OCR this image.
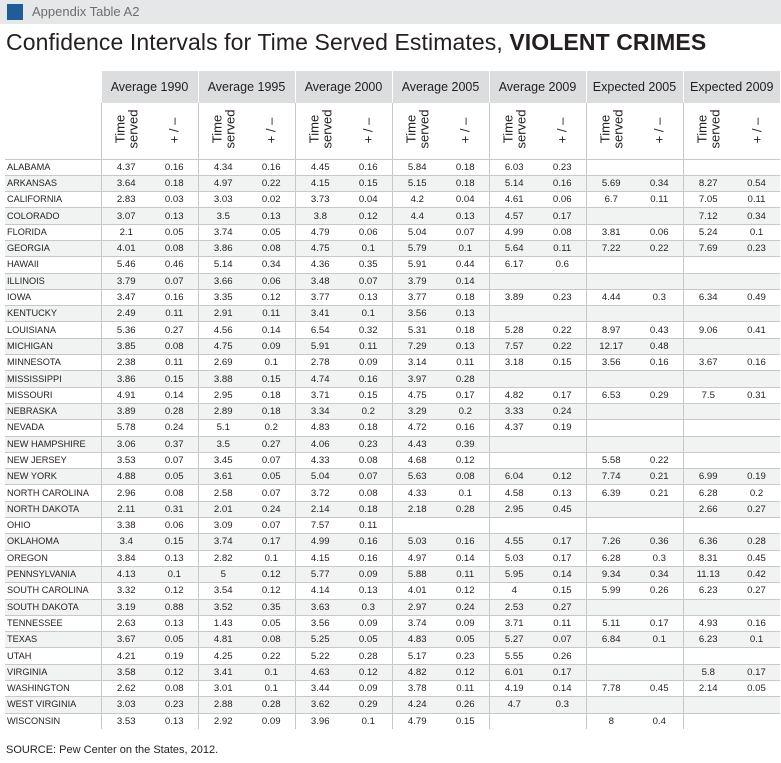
Appendix Table A2
Confidence Intervals for Time Served Estimates, VIOLENT CRIMES
	Average 1990		Average 1995		Average 2000		Average 2005		Average 2009		Expected 2005		Expected 2009	
	Time
served	+ / –	Time
served	+ / –	Time
served	+ / –	Time
served	+ / –	Time
served	+ / –	Time
served	+ / –	Time
served	+ / –
ALABAMA	4.37	0.16	4.34	0.16	4.45	0.16	5.84	0.18	6.03	0.23				
ARKANSAS	3.64	0.18	4.97	0.22	4.15	0.15	5.15	0.18	5.14	0.16	5.69	0.34	8.27	0.54
CALIFORNIA	2.83	0.03	3.03	0.02	3.73	0.04	4.2	0.04	4.61	0.06	6.7	0.11	7.05	0.11
COLORADO	3.07	0.13	3.5	0.13	3.8	0.12	4.4	0.13	4.57	0.17			7.12	0.34
FLORIDA	2.1	0.05	3.74	0.05	4.79	0.06	5.04	0.07	4.99	0.08	3.81	0.06	5.24	0.1
GEORGIA	4.01	0.08	3.86	0.08	4.75	0.1	5.79	0.1	5.64	0.11	7.22	0.22	7.69	0.23
HAWAII	5.46	0.46	5.14	0.34	4.36	0.35	5.91	0.44	6.17	0.6				
ILLINOIS	3.79	0.07	3.66	0.06	3.48	0.07	3.79	0.14						
IOWA	3.47	0.16	3.35	0.12	3.77	0.13	3.77	0.18	3.89	0.23	4.44	0.3	6.34	0.49
KENTUCKY	2.49	0.11	2.91	0.11	3.41	0.1	3.56	0.13						
LOUISIANA	5.36	0.27	4.56	0.14	6.54	0.32	5.31	0.18	5.28	0.22	8.97	0.43	9.06	0.41
MICHIGAN	3.85	0.08	4.75	0.09	5.91	0.11	7.29	0.13	7.57	0.22	12.17	0.48		
MINNESOTA	2.38	0.11	2.69	0.1	2.78	0.09	3.14	0.11	3.18	0.15	3.56	0.16	3.67	0.16
MISSISSIPPI	3.86	0.15	3.88	0.15	4.74	0.16	3.97	0.28						
MISSOURI	4.91	0.14	2.95	0.18	3.71	0.15	4.75	0.17	4.82	0.17	6.53	0.29	7.5	0.31
NEBRASKA	3.89	0.28	2.89	0.18	3.34	0.2	3.29	0.2	3.33	0.24				
NEVADA	5.78	0.24	5.1	0.2	4.83	0.18	4.72	0.16	4.37	0.19				
NEW HAMPSHIRE	3.06	0.37	3.5	0.27	4.06	0.23	4.43	0.39						
NEW JERSEY	3.53	0.07	3.45	0.07	4.33	0.08	4.68	0.12			5.58	0.22		
NEW YORK	4.88	0.05	3.61	0.05	5.04	0.07	5.63	0.08	6.04	0.12	7.74	0.21	6.99	0.19
NORTH CAROLINA	2.96	0.08	2.58	0.07	3.72	0.08	4.33	0.1	4.58	0.13	6.39	0.21	6.28	0.2
NORTH DAKOTA	2.11	0.31	2.01	0.24	2.14	0.18	2.18	0.28	2.95	0.45			2.66	0.27
OHIO	3.38	0.06	3.09	0.07	7.57	0.11								
OKLAHOMA	3.4	0.15	3.74	0.17	4.99	0.16	5.03	0.16	4.55	0.17	7.26	0.36	6.36	0.28
OREGON	3.84	0.13	2.82	0.1	4.15	0.16	4.97	0.14	5.03	0.17	6.28	0.3	8.31	0.45
PENNSYLVANIA	4.13	0.1	5	0.12	5.77	0.09	5.88	0.11	5.95	0.14	9.34	0.34	11.13	0.42
SOUTH CAROLINA	3.32	0.12	3.54	0.12	4.14	0.13	4.01	0.12	4	0.15	5.99	0.26	6.23	0.27
SOUTH DAKOTA	3.19	0.88	3.52	0.35	3.63	0.3	2.97	0.24	2.53	0.27				
TENNESSEE	2.63	0.13	1.43	0.05	3.56	0.09	3.74	0.09	3.71	0.11	5.11	0.17	4.93	0.16
TEXAS	3.67	0.05	4.81	0.08	5.25	0.05	4.83	0.05	5.27	0.07	6.84	0.1	6.23	0.1
UTAH	4.21	0.19	4.25	0.22	5.22	0.28	5.17	0.23	5.55	0.26				
VIRGINIA	3.58	0.12	3.41	0.1	4.63	0.12	4.82	0.12	6.01	0.17			5.8	0.17
WASHINGTON	2.62	0.08	3.01	0.1	3.44	0.09	3.78	0.11	4.19	0.14	7.78	0.45	2.14	0.05
WEST VIRGINIA	3.03	0.23	2.88	0.28	3.62	0.29	4.24	0.26	4.7	0.3				
WISCONSIN	3.53	0.13	2.92	0.09	3.96	0.1	4.79	0.15			8	0.4		
SOURCE: Pew Center on the States, 2012.
